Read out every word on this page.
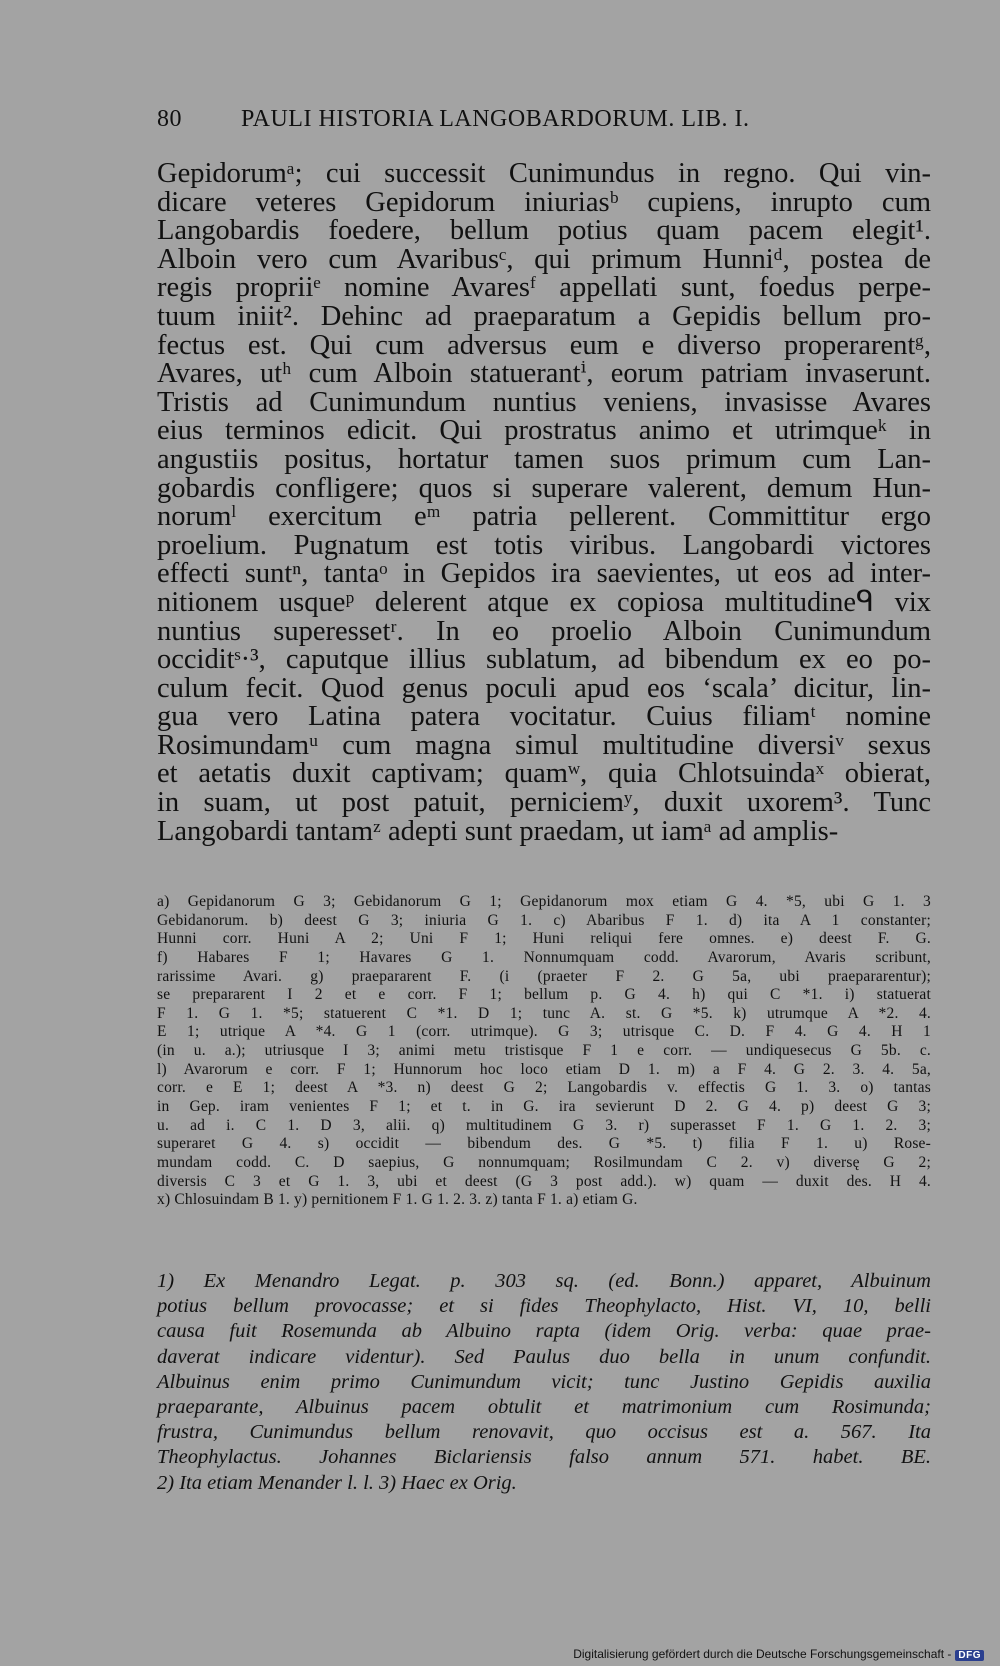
80 PAULI HISTORIA LANGOBARDORUM. LIB. I.
Gepidorumᵃ; cui successit Cunimundus in regno. Qui vin-
dicare veteres Gepidorum iniuriasᵇ cupiens, inrupto cum
Langobardis foedere, bellum potius quam pacem elegit¹.
Alboin vero cum Avaribusᶜ, qui primum Hunniᵈ, postea de
regis propriiᵉ nomine Avaresᶠ appellati sunt, foedus perpe-
tuum iniit². Dehinc ad praeparatum a Gepidis bellum pro-
fectus est. Qui cum adversus eum e diverso properarentᵍ,
Avares, utʰ cum Alboin statuerantⁱ, eorum patriam invaserunt.
Tristis ad Cunimundum nuntius veniens, invasisse Avares
eius terminos edicit. Qui prostratus animo et utrimqueᵏ in
angustiis positus, hortatur tamen suos primum cum Lan-
gobardis confligere; quos si superare valerent, demum Hun-
norumˡ exercitum eᵐ patria pellerent. Committitur ergo
proelium. Pugnatum est totis viribus. Langobardi victores
effecti suntⁿ, tantaᵒ in Gepidos ira saevientes, ut eos ad inter-
nitionem usqueᵖ delerent atque ex copiosa multitudineᑫ vix
nuntius superessetʳ. In eo proelio Alboin Cunimundum
occiditˢ·³, caputque illius sublatum, ad bibendum ex eo po-
culum fecit. Quod genus poculi apud eos ‘scala’ dicitur, lin-
gua vero Latina patera vocitatur. Cuius filiamᵗ nomine
Rosimundamᵘ cum magna simul multitudine diversiᵛ sexus
et aetatis duxit captivam; quamʷ, quia Chlotsuindaˣ obierat,
in suam, ut post patuit, perniciemʸ, duxit uxorem³. Tunc
Langobardi tantamᶻ adepti sunt praedam, ut iamᵃ ad amplis-
a) Gepidanorum G 3; Gebidanorum G 1; Gepidanorum mox etiam G 4. *5, ubi G 1. 3
Gebidanorum. b) deest G 3; iniuria G 1. c) Abaribus F 1. d) ita A 1 constanter;
Hunni corr. Huni A 2; Uni F 1; Huni reliqui fere omnes. e) deest F. G.
f) Habares F 1; Havares G 1. Nonnumquam codd. Avarorum, Avaris scribunt,
rarissime Avari. g) praepararent F. (i (praeter F 2. G 5a, ubi praepararentur);
se prepararent I 2 et e corr. F 1; bellum p. G 4. h) qui C *1. i) statuerat
F 1. G 1. *5; statuerent C *1. D 1; tunc A. st. G *5. k) utrumque A *2. 4.
E 1; utrique A *4. G 1 (corr. utrimque). G 3; utrisque C. D. F 4. G 4. H 1
(in u. a.); utriusque I 3; animi metu tristisque F 1 e corr. — undiquesecus G 5b. c.
l) Avarorum e corr. F 1; Hunnorum hoc loco etiam D 1. m) a F 4. G 2. 3. 4. 5a,
corr. e E 1; deest A *3. n) deest G 2; Langobardis v. effectis G 1. 3. o) tantas
in Gep. iram venientes F 1; et t. in G. ira sevierunt D 2. G 4. p) deest G 3;
u. ad i. C 1. D 3, alii. q) multitudinem G 3. r) superasset F 1. G 1. 2. 3;
superaret G 4. s) occidit — bibendum des. G *5. t) filia F 1. u) Rose-
mundam codd. C. D saepius, G nonnumquam; Rosilmundam C 2. v) diversę G 2;
diversis C 3 et G 1. 3, ubi et deest (G 3 post add.). w) quam — duxit des. H 4.
x) Chlosuindam B 1. y) pernitionem F 1. G 1. 2. 3. z) tanta F 1. a) etiam G.
1) Ex Menandro Legat. p. 303 sq. (ed. Bonn.) apparet, Albuinum
potius bellum provocasse; et si fides Theophylacto, Hist. VI, 10, belli
causa fuit Rosemunda ab Albuino rapta (idem Orig. verba: quae prae-
daverat indicare videntur). Sed Paulus duo bella in unum confundit.
Albuinus enim primo Cunimundum vicit; tunc Justino Gepidis auxilia
praeparante, Albuinus pacem obtulit et matrimonium cum Rosimunda;
frustra, Cunimundus bellum renovavit, quo occisus est a. 567. Ita
Theophylactus. Johannes Biclariensis falso annum 571. habet. BE.
2) Ita etiam Menander l. l. 3) Haec ex Orig.
Digitalisierung gefördert durch die Deutsche Forschungsgemeinschaft - DFG
